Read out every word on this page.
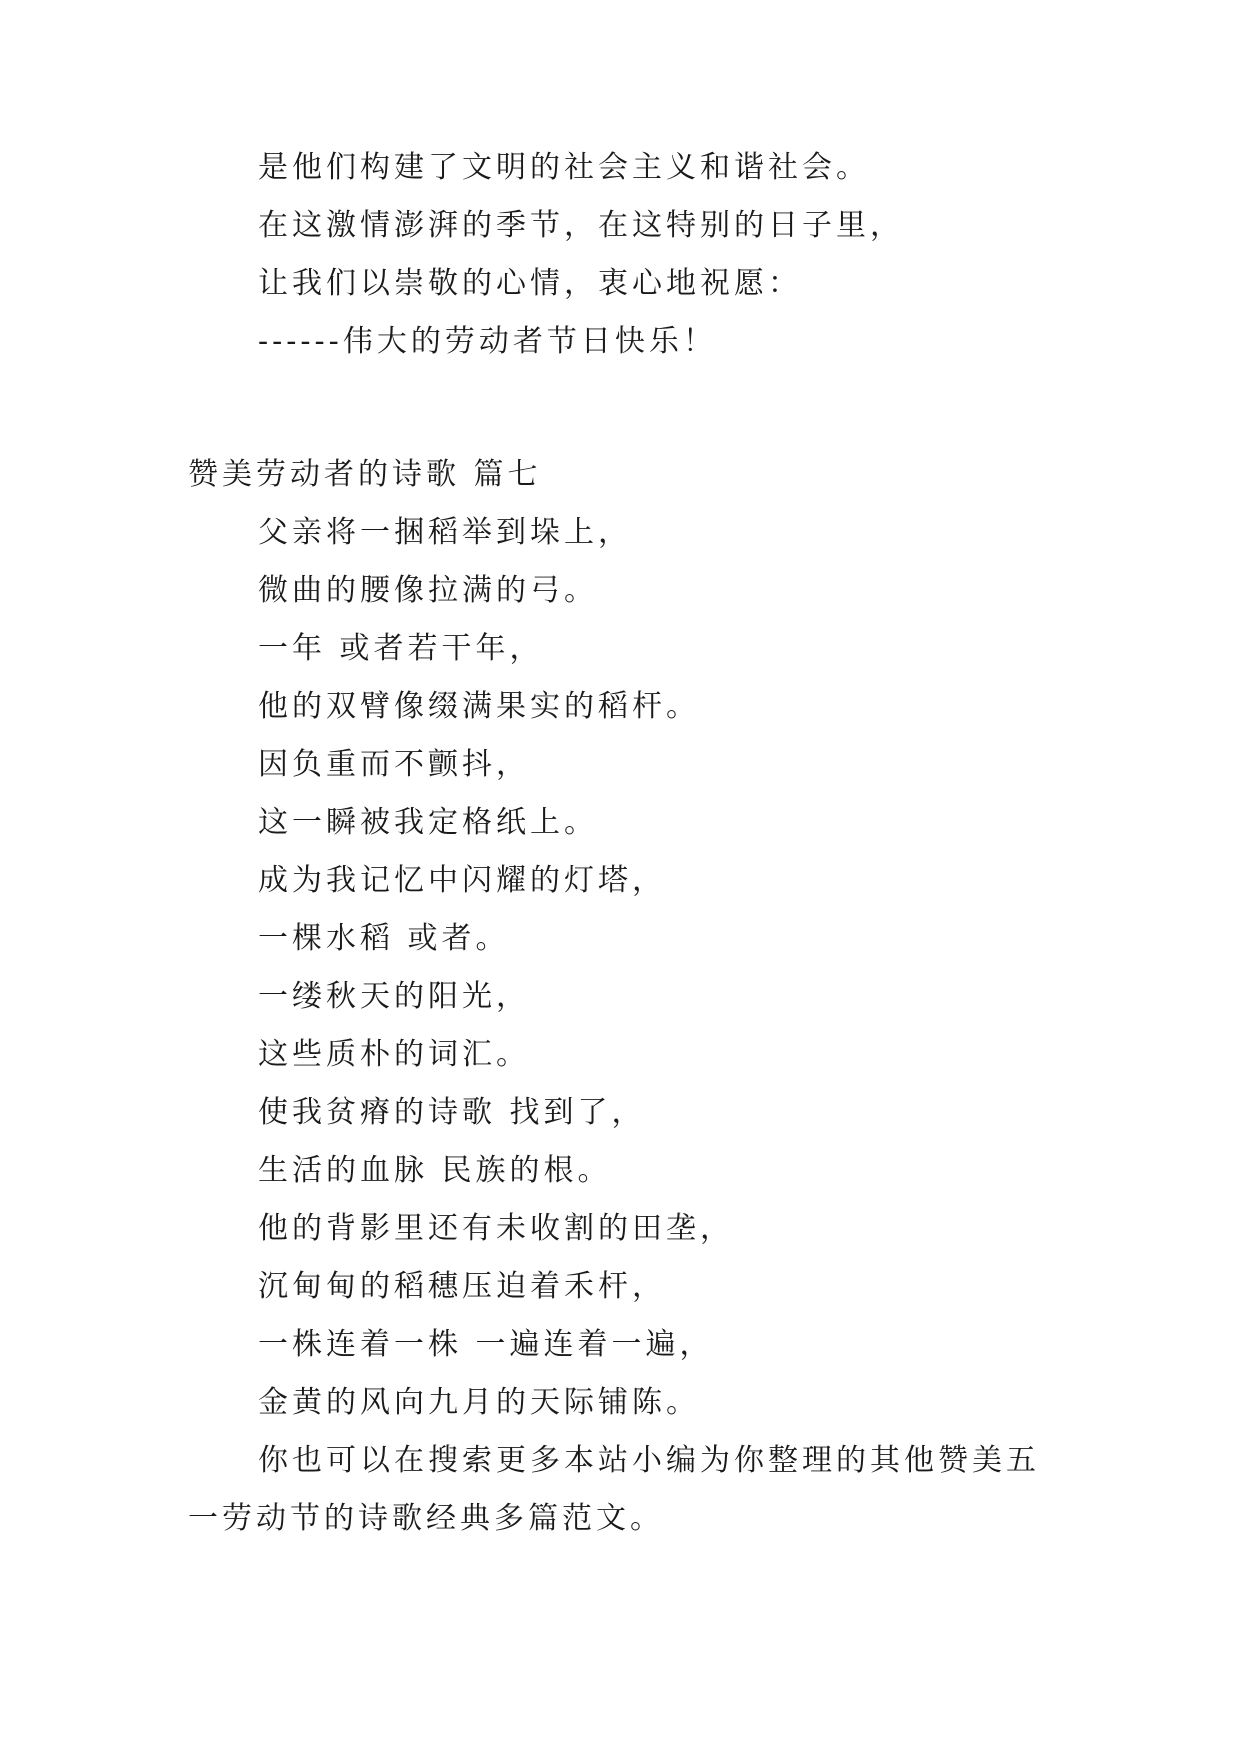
是他们构建了文明的社会主义和谐社会。
在这激情澎湃的季节，在这特别的日子里，
让我们以崇敬的心情，衷心地祝愿：
------伟大的劳动者节日快乐！
赞美劳动者的诗歌 篇七
父亲将一捆稻举到垛上，
微曲的腰像拉满的弓。
一年 或者若干年，
他的双臂像缀满果实的稻杆。
因负重而不颤抖，
这一瞬被我定格纸上。
成为我记忆中闪耀的灯塔，
一棵水稻 或者。
一缕秋天的阳光，
这些质朴的词汇。
使我贫瘠的诗歌 找到了，
生活的血脉 民族的根。
他的背影里还有未收割的田垄，
沉甸甸的稻穗压迫着禾杆，
一株连着一株 一遍连着一遍，
金黄的风向九月的天际铺陈。
你也可以在搜索更多本站小编为你整理的其他赞美五
一劳动节的诗歌经典多篇范文。
